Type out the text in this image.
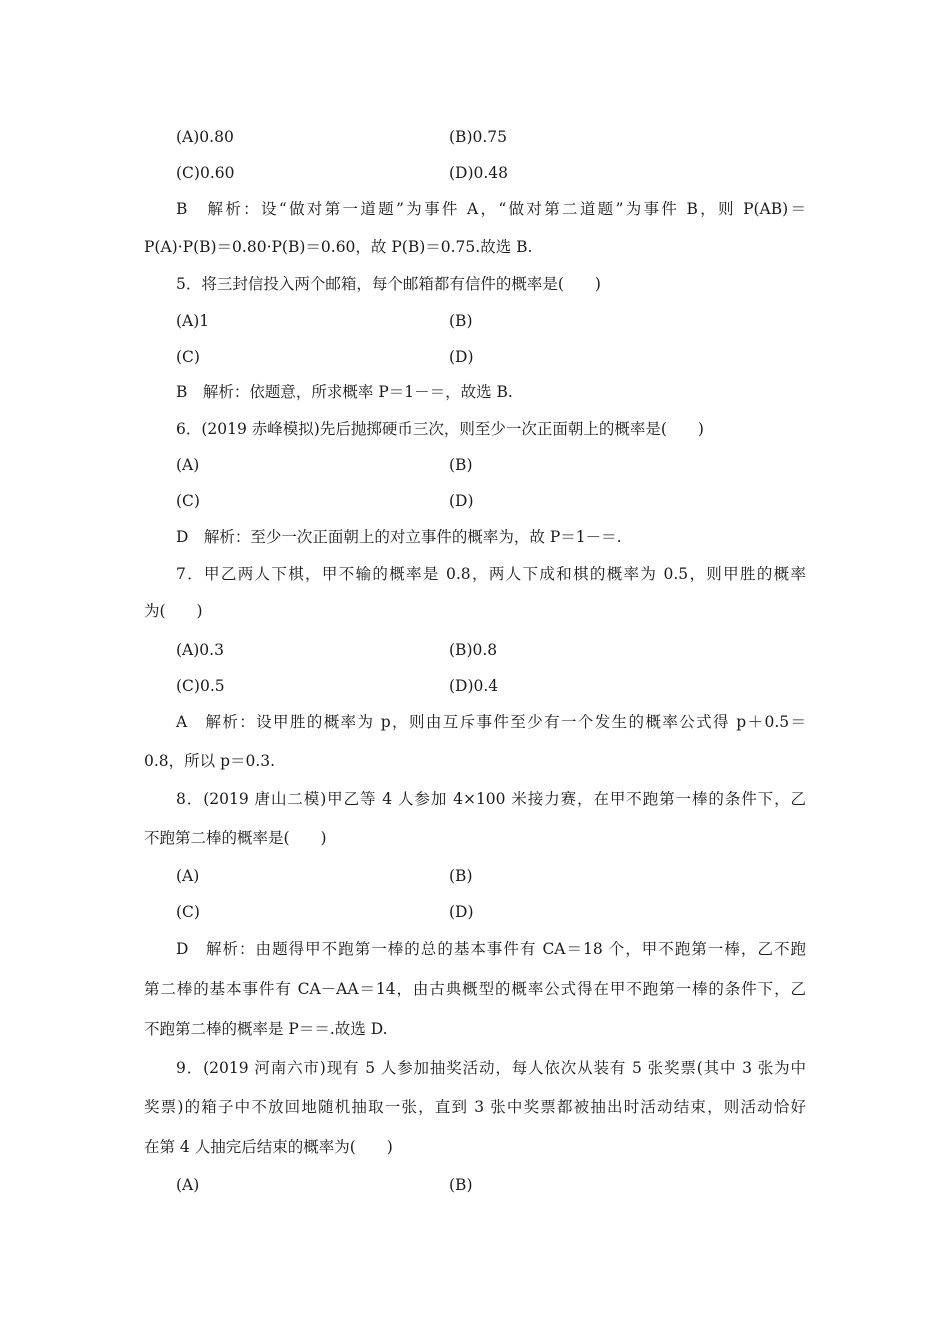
(A)0.80	(B)0.75
(C)0.60	(D)0.48
B　解析：设“做对第一道题”为事件 A，“做对第二道题”为事件 B，则 P(AB)＝
P(A)·P(B)＝0.80·P(B)＝0.60，故 P(B)＝0.75.故选 B.
5．将三封信投入两个邮箱，每个邮箱都有信件的概率是(　　)
(A)1	(B)
(C)	(D)
B　解析：依题意，所求概率 P＝1－＝，故选 B.
6．(2019 赤峰模拟)先后抛掷硬币三次，则至少一次正面朝上的概率是(　　)
(A)	(B)
(C)	(D)
D　解析：至少一次正面朝上的对立事件的概率为，故 P＝1－＝.
7．甲乙两人下棋，甲不输的概率是 0.8，两人下成和棋的概率为 0.5，则甲胜的概率
为(　　)
(A)0.3	(B)0.8
(C)0.5	(D)0.4
A　解析：设甲胜的概率为 p，则由互斥事件至少有一个发生的概率公式得 p＋0.5＝
0.8，所以 p＝0.3.
8．(2019 唐山二模)甲乙等 4 人参加 4×100 米接力赛，在甲不跑第一棒的条件下，乙
不跑第二棒的概率是(　　)
(A)	(B)
(C)	(D)
D　解析：由题得甲不跑第一棒的总的基本事件有 CA＝18 个，甲不跑第一棒，乙不跑
第二棒的基本事件有 CA－AA＝14，由古典概型的概率公式得在甲不跑第一棒的条件下，乙
不跑第二棒的概率是 P＝＝.故选 D.
9．(2019 河南六市)现有 5 人参加抽奖活动，每人依次从装有 5 张奖票(其中 3 张为中
奖票)的箱子中不放回地随机抽取一张，直到 3 张中奖票都被抽出时活动结束，则活动恰好
在第 4 人抽完后结束的概率为(　　)
(A)	(B)
